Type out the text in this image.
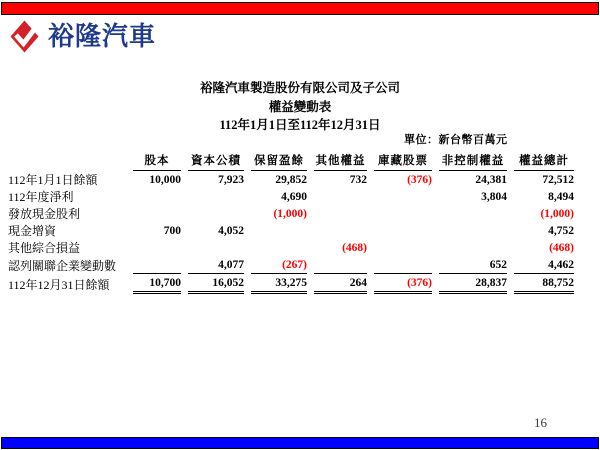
裕隆汽車
裕隆汽車製造股份有限公司及子公司
權益變動表
112年1月1日至112年12月31日
單位：新台幣百萬元
	股本	資本公積	保留盈餘	其他權益	庫藏股票	非控制權益	權益總計
112年1月1日餘額	10,000	7,923	29,852	732	(376)	24,381	72,512
112年度淨利			4,690			3,804	8,494
發放現金股利			(1,000)				(1,000)
現金增資	700	4,052					4,752
其他綜合損益				(468)			(468)
認列關聯企業變動數		4,077	(267)			652	4,462
112年12月31日餘額	10,700	16,052	33,275	264	(376)	28,837	88,752
16
